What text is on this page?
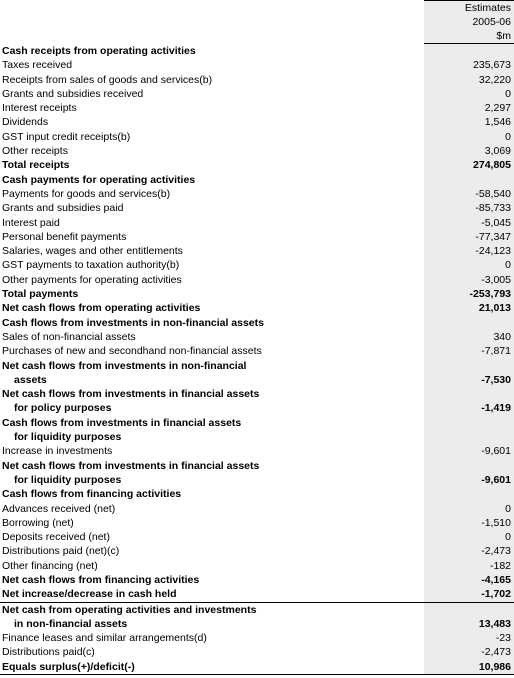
	Estimates
	2005-06
	$m
Cash receipts from operating activities	
Taxes received	235,673
Receipts from sales of goods and services(b)	32,220
Grants and subsidies received	0
Interest receipts	2,297
Dividends	1,546
GST input credit receipts(b)	0
Other receipts	3,069
Total receipts	274,805
Cash payments for operating activities	
Payments for goods and services(b)	-58,540
Grants and subsidies paid	-85,733
Interest paid	-5,045
Personal benefit payments	-77,347
Salaries, wages and other entitlements	-24,123
GST payments to taxation authority(b)	0
Other payments for operating activities	-3,005
Total payments	-253,793
Net cash flows from operating activities	21,013
Cash flows from investments in non-financial assets	
Sales of non-financial assets	340
Purchases of new and secondhand non-financial assets	-7,871
Net cash flows from investments in non-financial	
assets	-7,530
Net cash flows from investments in financial assets	
for policy purposes	-1,419
Cash flows from investments in financial assets	
for liquidity purposes	
Increase in investments	-9,601
Net cash flows from investments in financial assets	
for liquidity purposes	-9,601
Cash flows from financing activities	
Advances received (net)	0
Borrowing (net)	-1,510
Deposits received (net)	0
Distributions paid (net)(c)	-2,473
Other financing (net)	-182
Net cash flows from financing activities	-4,165
Net increase/decrease in cash held	-1,702
Net cash from operating activities and investments	
in non-financial assets	13,483
Finance leases and similar arrangements(d)	-23
Distributions paid(c)	-2,473
Equals surplus(+)/deficit(-)	10,986
